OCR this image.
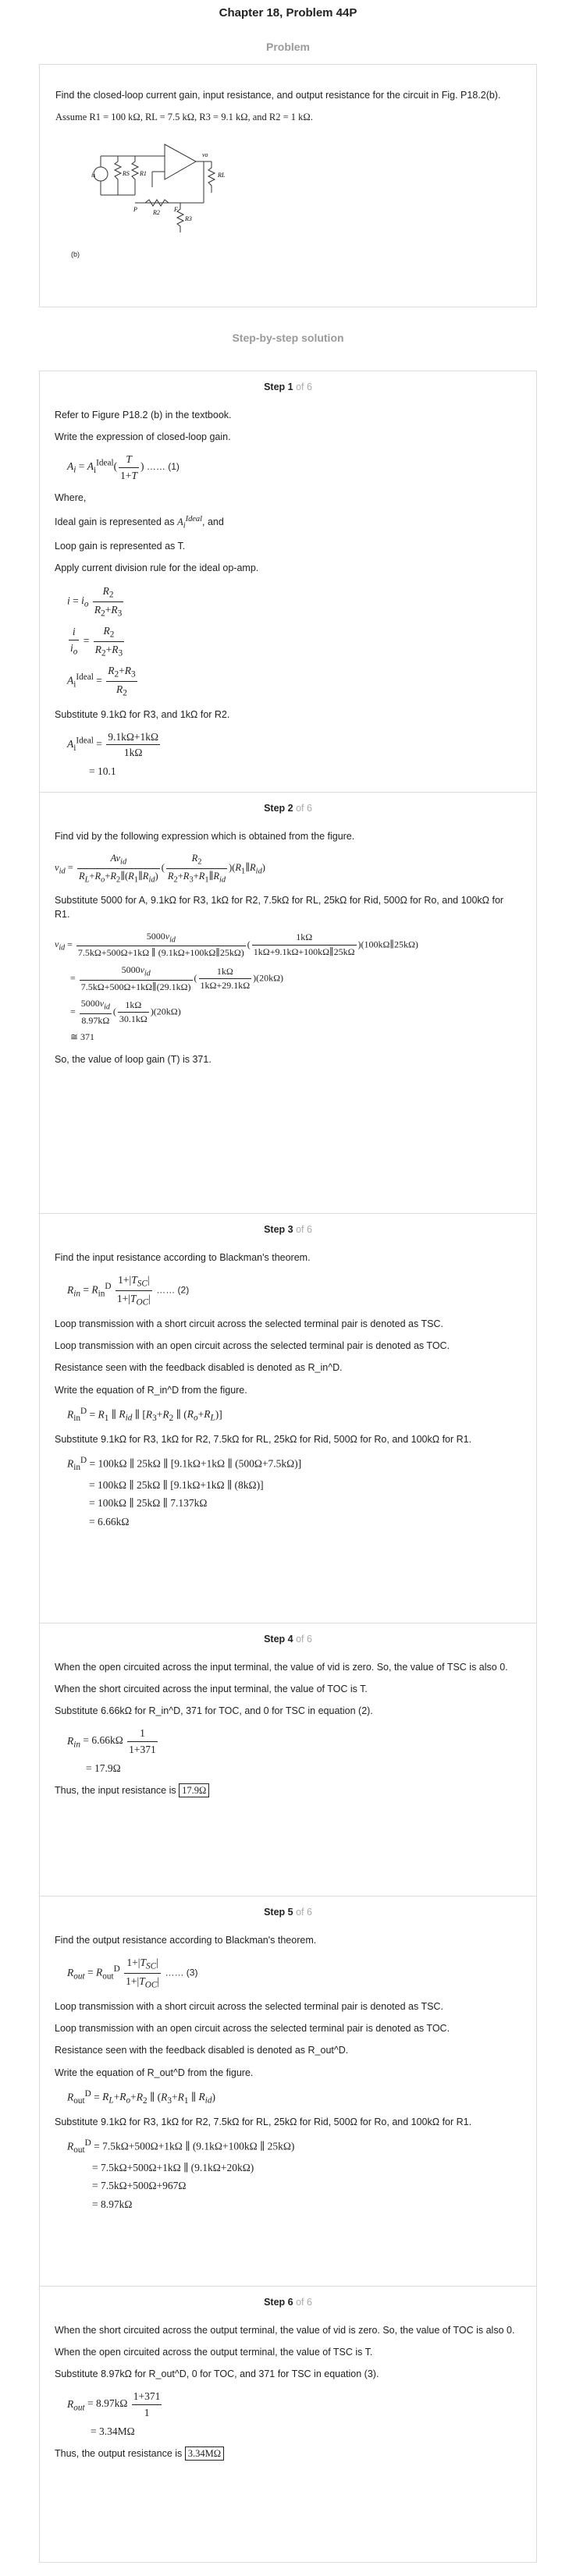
Chapter 18, Problem 44P
Problem

Find the closed-loop current gain, input resistance, and output resistance for the circuit in Fig. P18.2(b).

Assume R1 = 100 kΩ, RL = 7.5 kΩ, R3 = 9.1 kΩ, and R2 = 1 kΩ.

is	RS R1
vo
RL
R2
R3
P	F
(b)
Step-by-step solution
Step 1 of 6

Refer to Figure P18.2 (b) in the textbook.

Write the expression of closed-loop gain.

$A_i = A_i^{Ideal}( \frac{T}{1+T}$ ) …… (1)

Where,

Ideal gain is represented as $A_i^{Ideal}$, and

Loop gain is represented as T.

Apply current division rule for the ideal op-amp.

$i = i_o \frac{R_2}{R_2+R_3}$
$\frac{i}{i_o} = \frac{R_2}{R_2+R_3}$
$A_i^{Ideal} = \frac{R_2+R_3}{R_2}$

Substitute 9.1kΩ for R3, and 1kΩ for R2.

$A_i^{Ideal} = \frac{9.1k\Omega+1k\Omega}{1k\Omega}$
= 10.1
Step 2 of 6

Find vid by the following expression which is obtained from the figure.

$v_{id} = \frac{Av_{id}}{R_L+R_o+R_2\parallel(R_1\parallel R_{id})}$ ( $\frac{R_2}{R_2+R_3+R_1\parallel R_{id}}$ )$(R_1\parallel R_{id})$

Substitute 5000 for A, 9.1kΩ for R3, 1kΩ for R2, 7.5kΩ for RL, 25kΩ for Rid, 500Ω for Ro, and 100kΩ for R1.

$v_{id} = \frac{5000v_{id}}{7.5k\Omega+500\Omega+1k\Omega \parallel (9.1k\Omega+100k\Omega\parallel 25k\Omega)}$ ( $\frac{1k\Omega}{1k\Omega+9.1k\Omega+100k\Omega\parallel 25k\Omega}$ )(100kΩ∥25kΩ)
= $\frac{5000v_{id}}{7.5k\Omega+500\Omega+1k\Omega\parallel(29.1k\Omega)}$ ( $\frac{1k\Omega}{1k\Omega+29.1k\Omega} )(20k\Omega)$
= $\frac{5000v_{id}}{8.97k\Omega}$ ( $\frac{1k\Omega}{30.1k\Omega} )(20k\Omega)$
≅ 371

So, the value of loop gain (T) is 371.

Step 3 of 6

Find the input resistance according to Blackman's theorem.

$R_{in} = R_{in}^D \frac{1+|T_{SC}|}{1+|T_{OC}|}$ …… (2)

Loop transmission with a short circuit across the selected terminal pair is denoted as TSC.

Loop transmission with an open circuit across the selected terminal pair is denoted as TOC.

Resistance seen with the feedback disabled is denoted as R_in^D.

Write the equation of R_in^D from the figure.

$R_{in}^D = R_1$ ∥ $R_{id}$ ∥ [$R_3+R_2$ ∥ $(R_o+R_L)$]

Substitute 9.1kΩ for R3, 1kΩ for R2, 7.5kΩ for RL, 25kΩ for Rid, 500Ω for Ro, and 100kΩ for R1.

$R_{in}^D = 100k\Omega$ ∥ 25kΩ ∥ [9.1kΩ+1kΩ ∥ (500Ω+7.5kΩ)]
= 100kΩ ∥ 25kΩ ∥ [9.1kΩ+1kΩ ∥ (8kΩ)]
= 100kΩ ∥ 25kΩ ∥ 7.137kΩ
= 6.66kΩ
Step 4 of 6

When the open circuited across the input terminal, the value of vid is zero. So, the value of TSC is also 0.

When the short circuited across the input terminal, the value of TOC is T.

Substitute 6.66kΩ for R_in^D, 371 for TOC, and 0 for TSC in equation (2).

$R_{in} = 6.66k\Omega \frac{1}{1+371}$
= 17.9Ω

Thus, the input resistance is 17.9Ω

Step 5 of 6

Find the output resistance according to Blackman's theorem.

$R_{out} = R_{out}^D \frac{1+|T_{SC}|}{1+|T_{OC}|}$ …… (3)

Loop transmission with a short circuit across the selected terminal pair is denoted as TSC.

Loop transmission with an open circuit across the selected terminal pair is denoted as TOC.

Resistance seen with the feedback disabled is denoted as R_out^D.

Write the equation of R_out^D from the figure.

$R_{out}^D = R_L+R_o+R_2$ ∥ ($R_3+R_1$ ∥ $R_{id}$)

Substitute 9.1kΩ for R3, 1kΩ for R2, 7.5kΩ for RL, 25kΩ for Rid, 500Ω for Ro, and 100kΩ for R1.

$R_{out}^D = 7.5k\Omega+500\Omega+1k\Omega$ ∥ (9.1kΩ+100kΩ ∥ 25kΩ)
= 7.5kΩ+500Ω+1kΩ ∥ (9.1kΩ+20kΩ)
= 7.5kΩ+500Ω+967Ω
= 8.97kΩ
Step 6 of 6

When the short circuited across the output terminal, the value of vid is zero. So, the value of TOC is also 0.

When the open circuited across the output terminal, the value of TSC is T.

Substitute 8.97kΩ for R_out^D, 0 for TOC, and 371 for TSC in equation (3).

$R_{out} = 8.97k\Omega \frac{1+371}{1}$
= 3.34MΩ

Thus, the output resistance is 3.34MΩ
